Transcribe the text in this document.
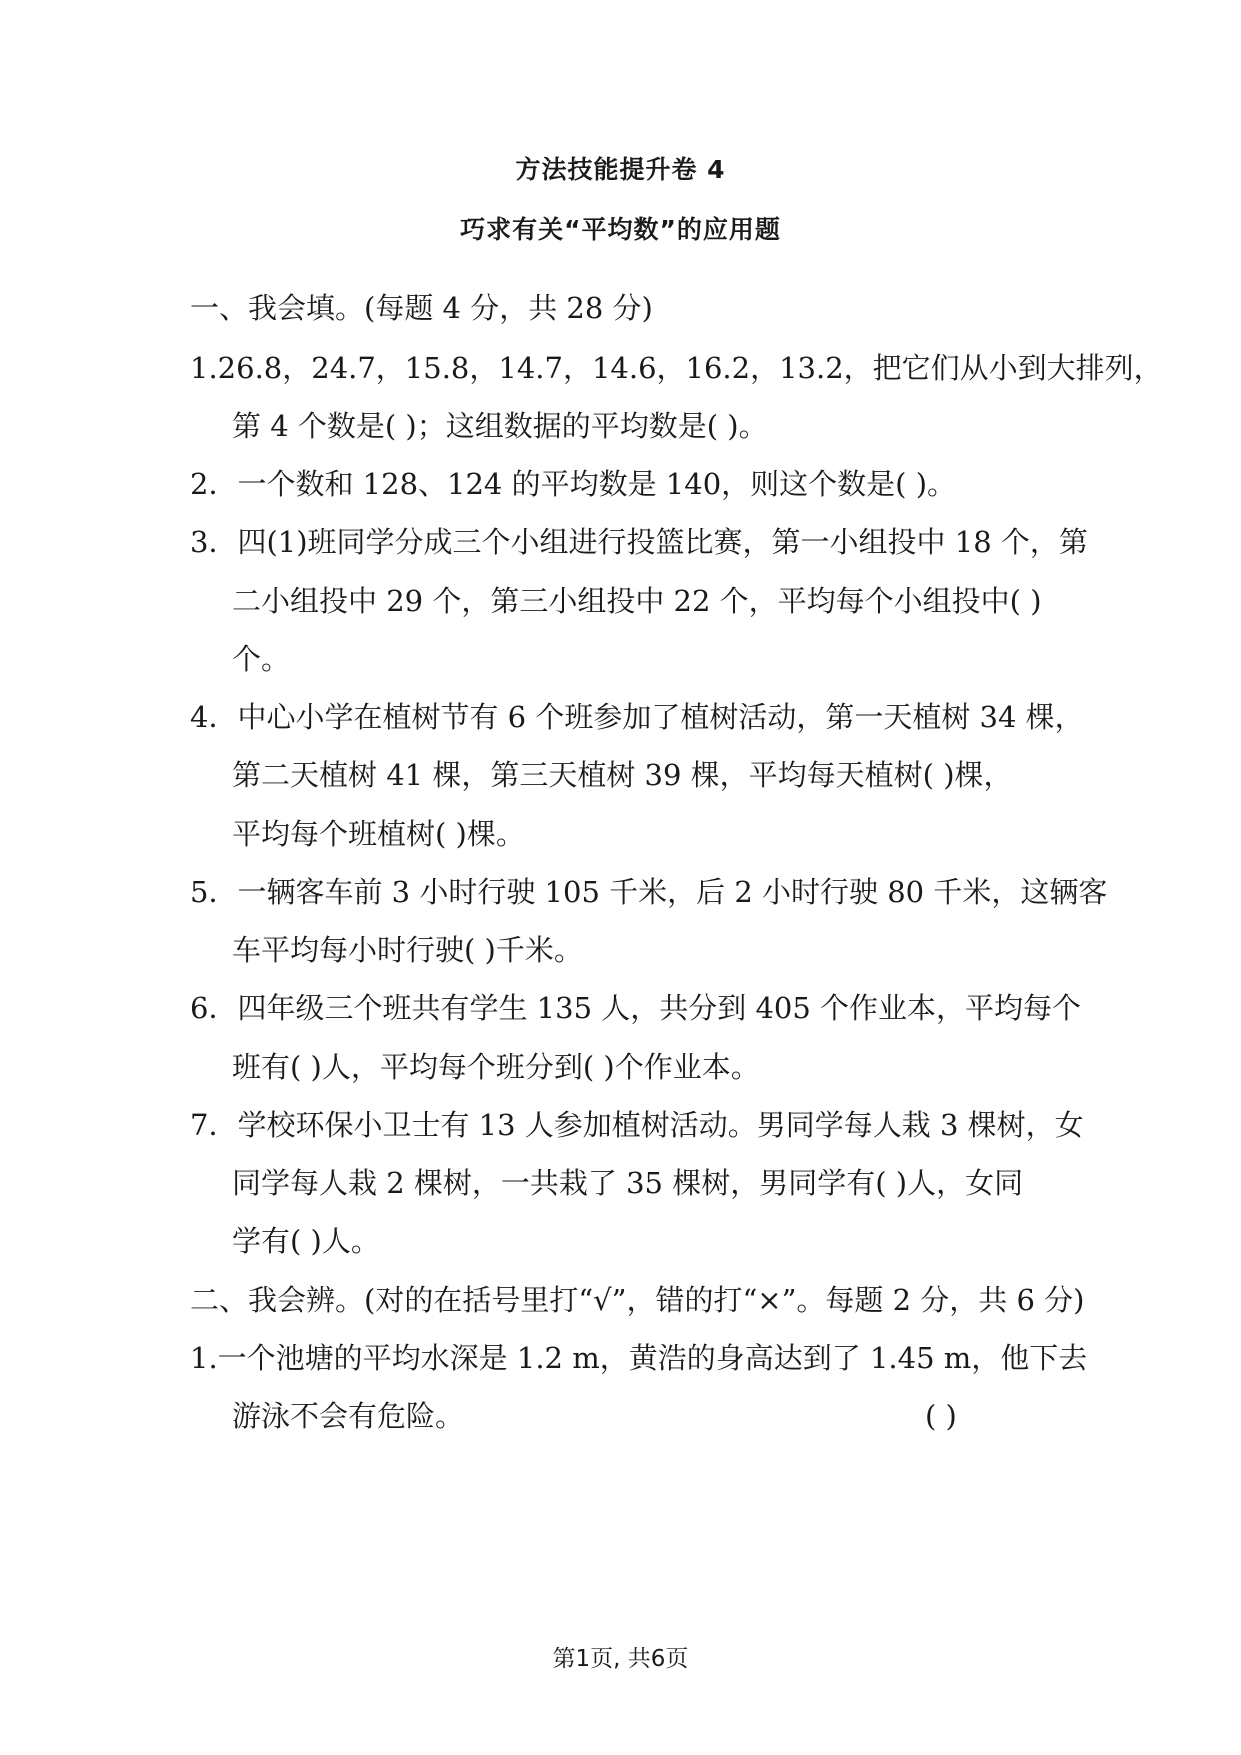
方法技能提升卷 4
巧求有关“平均数”的应用题
一、我会填。(每题 4 分，共 28 分)
1.26.8，24.7，15.8，14.7，14.6，16.2，13.2，把它们从小到大排列，
第 4 个数是( )；这组数据的平均数是( )。
2．一个数和 128、124 的平均数是 140，则这个数是( )。
3．四(1)班同学分成三个小组进行投篮比赛，第一小组投中 18 个，第
二小组投中 29 个，第三小组投中 22 个，平均每个小组投中( )
个。
4．中心小学在植树节有 6 个班参加了植树活动，第一天植树 34 棵，
第二天植树 41 棵，第三天植树 39 棵，平均每天植树( )棵，
平均每个班植树( )棵。
5．一辆客车前 3 小时行驶 105 千米，后 2 小时行驶 80 千米，这辆客
车平均每小时行驶( )千米。
6．四年级三个班共有学生 135 人，共分到 405 个作业本，平均每个
班有( )人，平均每个班分到( )个作业本。
7．学校环保小卫士有 13 人参加植树活动。男同学每人栽 3 棵树，女
同学每人栽 2 棵树，一共栽了 35 棵树，男同学有( )人，女同
学有( )人。
二、我会辨。(对的在括号里打“√”，错的打“×”。每题 2 分，共 6 分)
1.一个池塘的平均水深是 1.2 m，黄浩的身高达到了 1.45 m，他下去
游泳不会有危险。	( )
第1页, 共6页
